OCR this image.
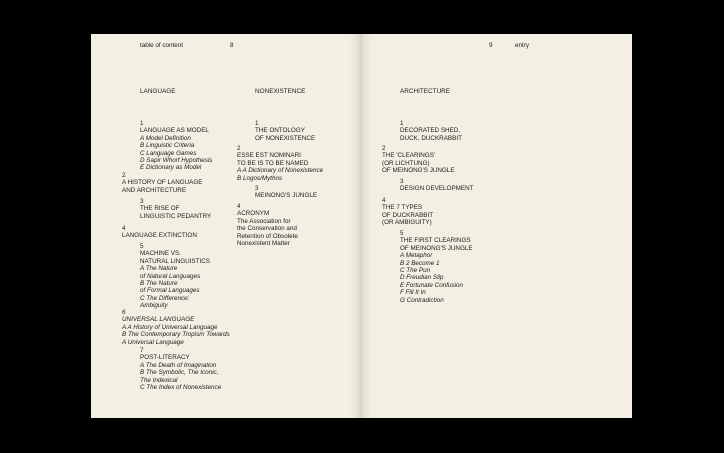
table of content	8	9	entry
LANGUAGE	NONEXISTENCE	ARCHITECTURE
1
LANGUAGE AS MODEL
A Model Definition
B Linguistic Criteria
C Language Games
D Sapir Whorf Hypothesis
E Dictionary as Model
2
A HISTORY OF LANGUAGE
AND ARCHITECTURE
3
THE RISE OF
LINGUISTIC PEDANTRY
4
LANGUAGE EXTINCTION
5
MACHINE VS.
NATURAL LINGUISTICS
A The Nature
of Natural Languages
B The Nature
of Formal Languages
C The Difference:
Ambiguity
6
UNIVERSAL LANGUAGE
A A History of Universal Language
B The Contemporary Tropism Towards
A Universal Language
7
POST-LITERACY
A The Death of Imagination
B The Symbolic, The Iconic,
The Indexical
C The Index of Nonexistence
1
THE ONTOLOGY
OF NONEXISTENCE
2
ESSE EST NOMINARI
TO BE IS TO BE NAMED
A A Dictionary of Nonexistence
B Logos/Mythos
3
MEINONG'S JUNGLE
4
ACRONYM
The Association for
the Conservation and
Retention of Obsolete
Nonexistent Matter
1
DECORATED SHED,
DUCK, DUCKRABBIT
2
THE 'CLEARINGS'
(OR LICHTUNG)
OF MEINONG'S JUNGLE
3
DESIGN DEVELOPMENT
4
THE 7 TYPES
OF DUCKRABBIT
(OR AMBIGUITY)
5
THE FIRST CLEARINGS
OF MEINONG'S JUNGLE
A Metaphor
B 2 Become 1
C The Pun
D Freudian Slip
E Fortunate Confusion
F Fill It In
G Contradiction
